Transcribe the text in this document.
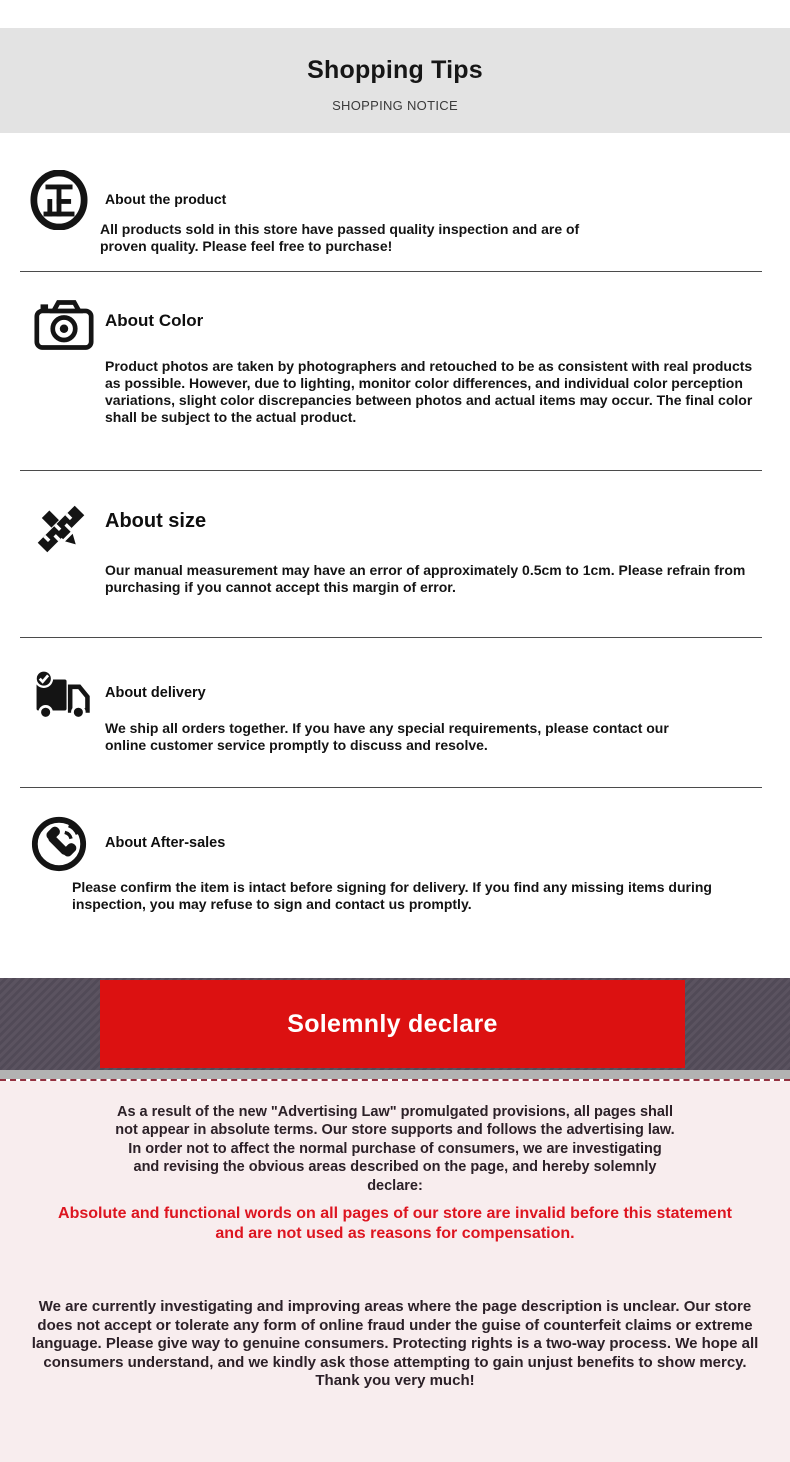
Shopping Tips
SHOPPING NOTICE
About the product
All products sold in this store have passed quality inspection and are of proven quality. Please feel free to purchase!
About Color
Product photos are taken by photographers and retouched to be as consistent with real products as possible. However, due to lighting, monitor color differences, and individual color perception variations, slight color discrepancies between photos and actual items may occur. The final color shall be subject to the actual product.
About size
Our manual measurement may have an error of approximately 0.5cm to 1cm. Please refrain from purchasing if you cannot accept this margin of error.
About delivery
We ship all orders together. If you have any special requirements, please contact our online customer service promptly to discuss and resolve.
About After-sales
Please confirm the item is intact before signing for delivery. If you find any missing items during inspection, you may refuse to sign and contact us promptly.
Solemnly declare
As a result of the new "Advertising Law" promulgated provisions, all pages shall not appear in absolute terms. Our store supports and follows the advertising law. In order not to affect the normal purchase of consumers, we are investigating and revising the obvious areas described on the page, and hereby solemnly declare:
Absolute and functional words on all pages of our store are invalid before this statement and are not used as reasons for compensation.
We are currently investigating and improving areas where the page description is unclear. Our store does not accept or tolerate any form of online fraud under the guise of counterfeit claims or extreme language. Please give way to genuine consumers. Protecting rights is a two-way process. We hope all consumers understand, and we kindly ask those attempting to gain unjust benefits to show mercy. Thank you very much!
